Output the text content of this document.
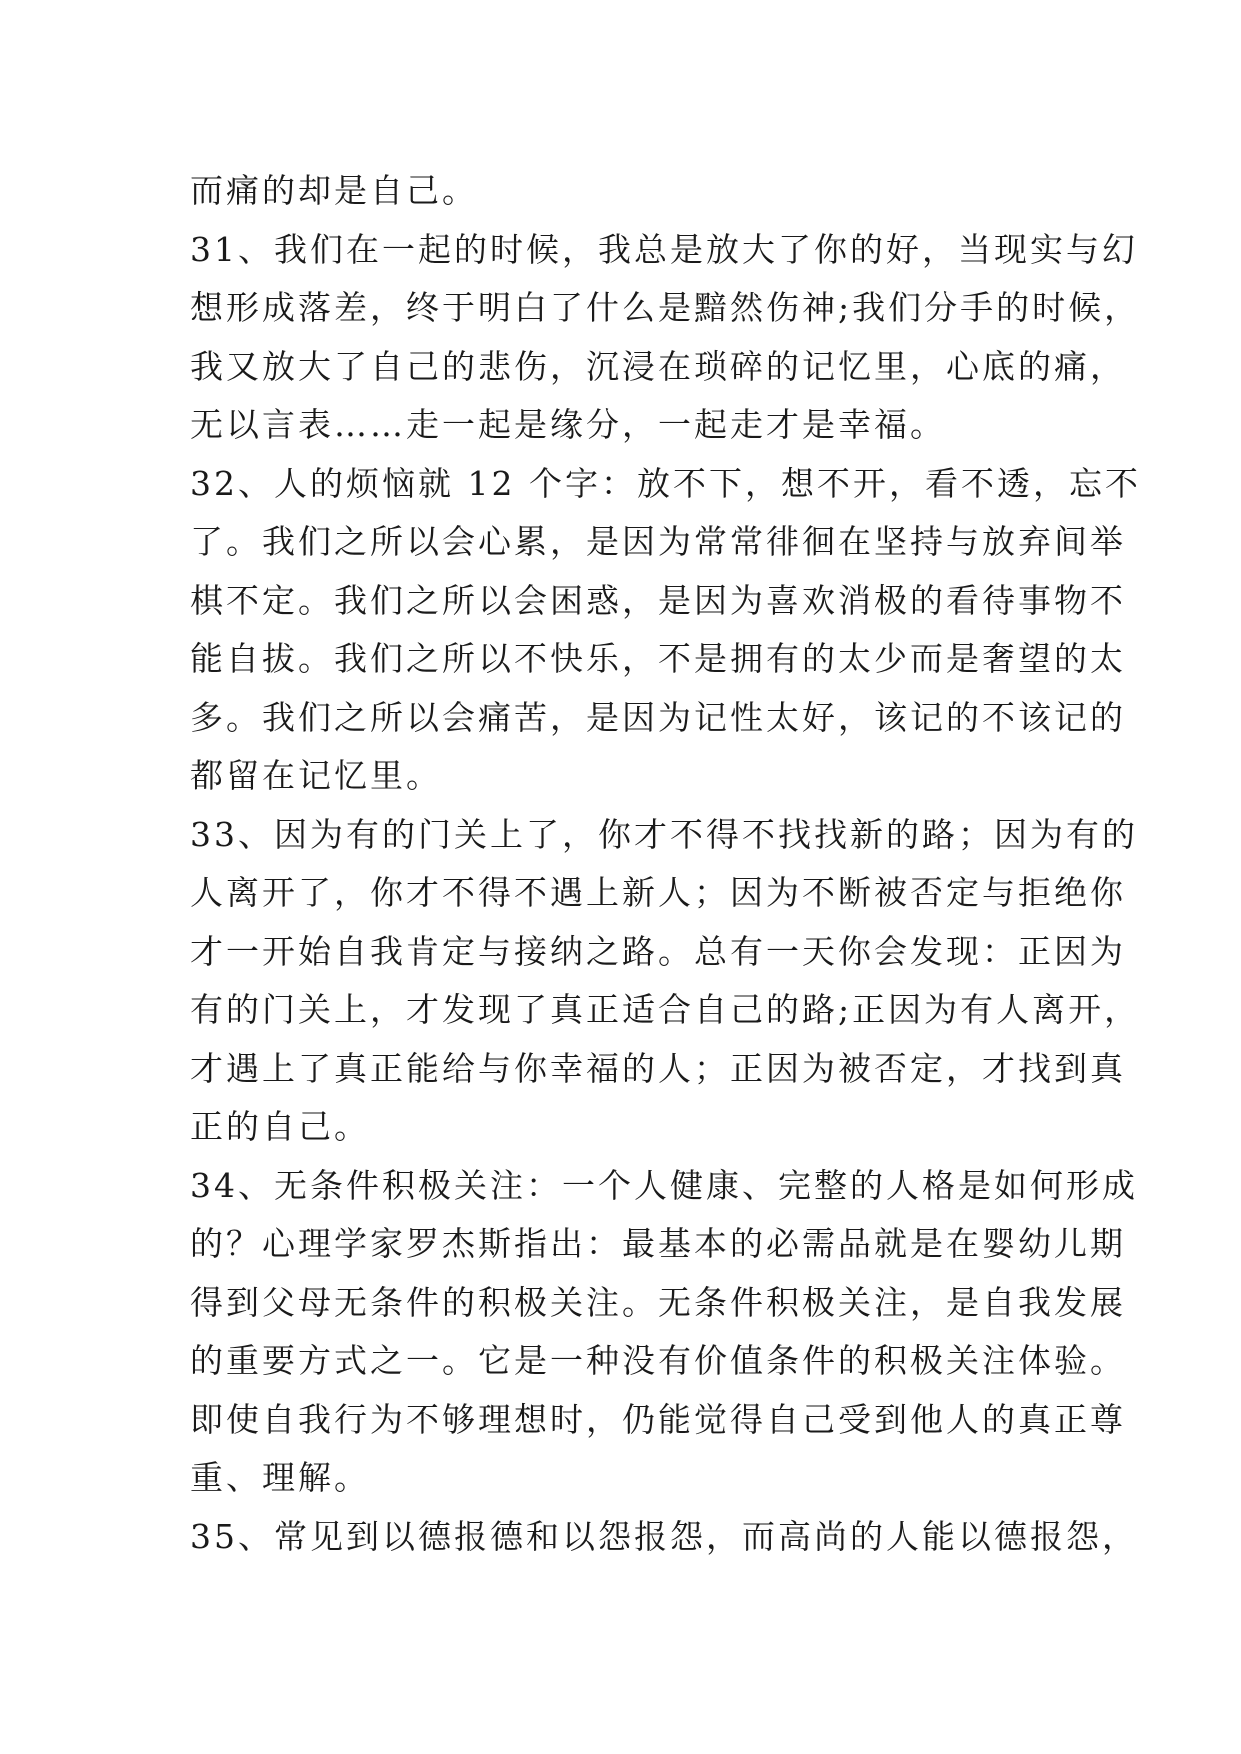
而痛的却是自己。

31、我们在一起的时候，我总是放大了你的好，当现实与幻
想形成落差，终于明白了什么是黯然伤神;我们分手的时候，
我又放大了自己的悲伤，沉浸在琐碎的记忆里，心底的痛，
无以言表……走一起是缘分，一起走才是幸福。

32、人的烦恼就 12 个字：放不下，想不开，看不透，忘不
了。我们之所以会心累，是因为常常徘徊在坚持与放弃间举
棋不定。我们之所以会困惑，是因为喜欢消极的看待事物不
能自拔。我们之所以不快乐，不是拥有的太少而是奢望的太
多。我们之所以会痛苦，是因为记性太好，该记的不该记的
都留在记忆里。

33、因为有的门关上了，你才不得不找找新的路；因为有的
人离开了，你才不得不遇上新人；因为不断被否定与拒绝你
才一开始自我肯定与接纳之路。总有一天你会发现：正因为
有的门关上，才发现了真正适合自己的路;正因为有人离开，
才遇上了真正能给与你幸福的人；正因为被否定，才找到真
正的自己。

34、无条件积极关注：一个人健康、完整的人格是如何形成
的？心理学家罗杰斯指出：最基本的必需品就是在婴幼儿期
得到父母无条件的积极关注。无条件积极关注，是自我发展
的重要方式之一。它是一种没有价值条件的积极关注体验。
即使自我行为不够理想时，仍能觉得自己受到他人的真正尊
重、理解。

35、常见到以德报德和以怨报怨，而高尚的人能以德报怨，
